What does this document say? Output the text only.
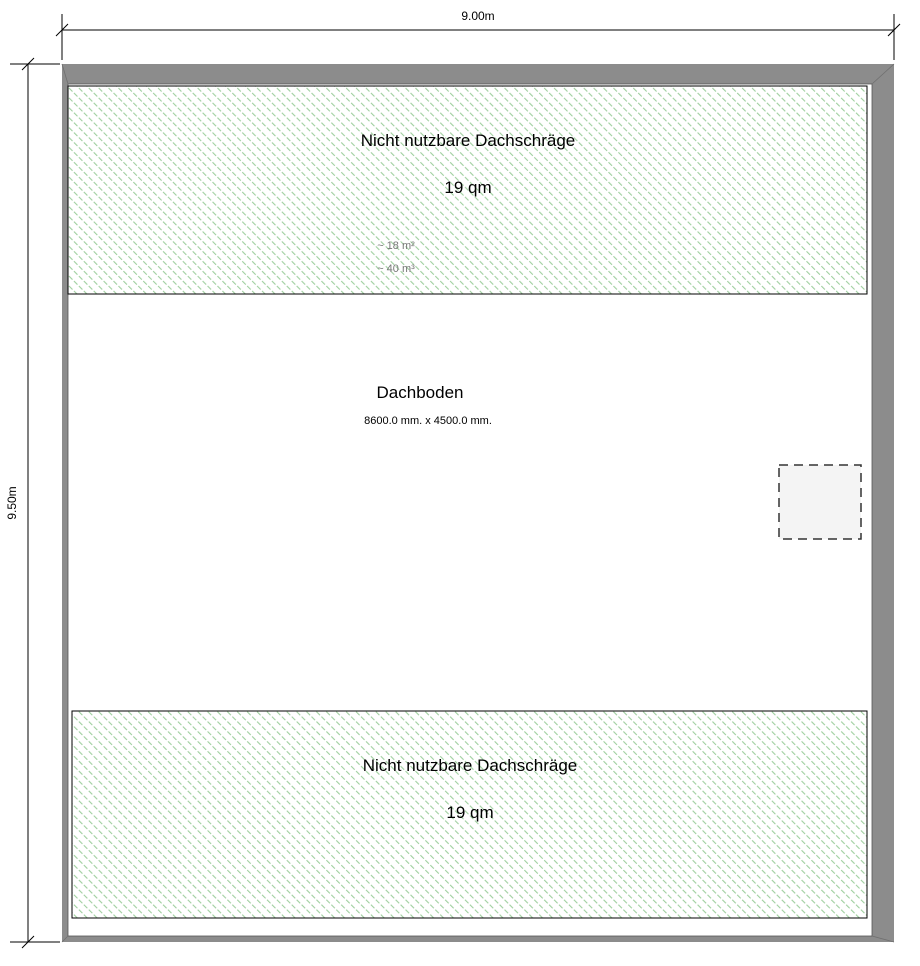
9.00m
9.50m
Nicht nutzbare Dachschräge
19 qm
~ 18 m²
~ 40 m³
Dachboden
8600.0 mm. x 4500.0 mm.
Nicht nutzbare Dachschräge
19 qm
